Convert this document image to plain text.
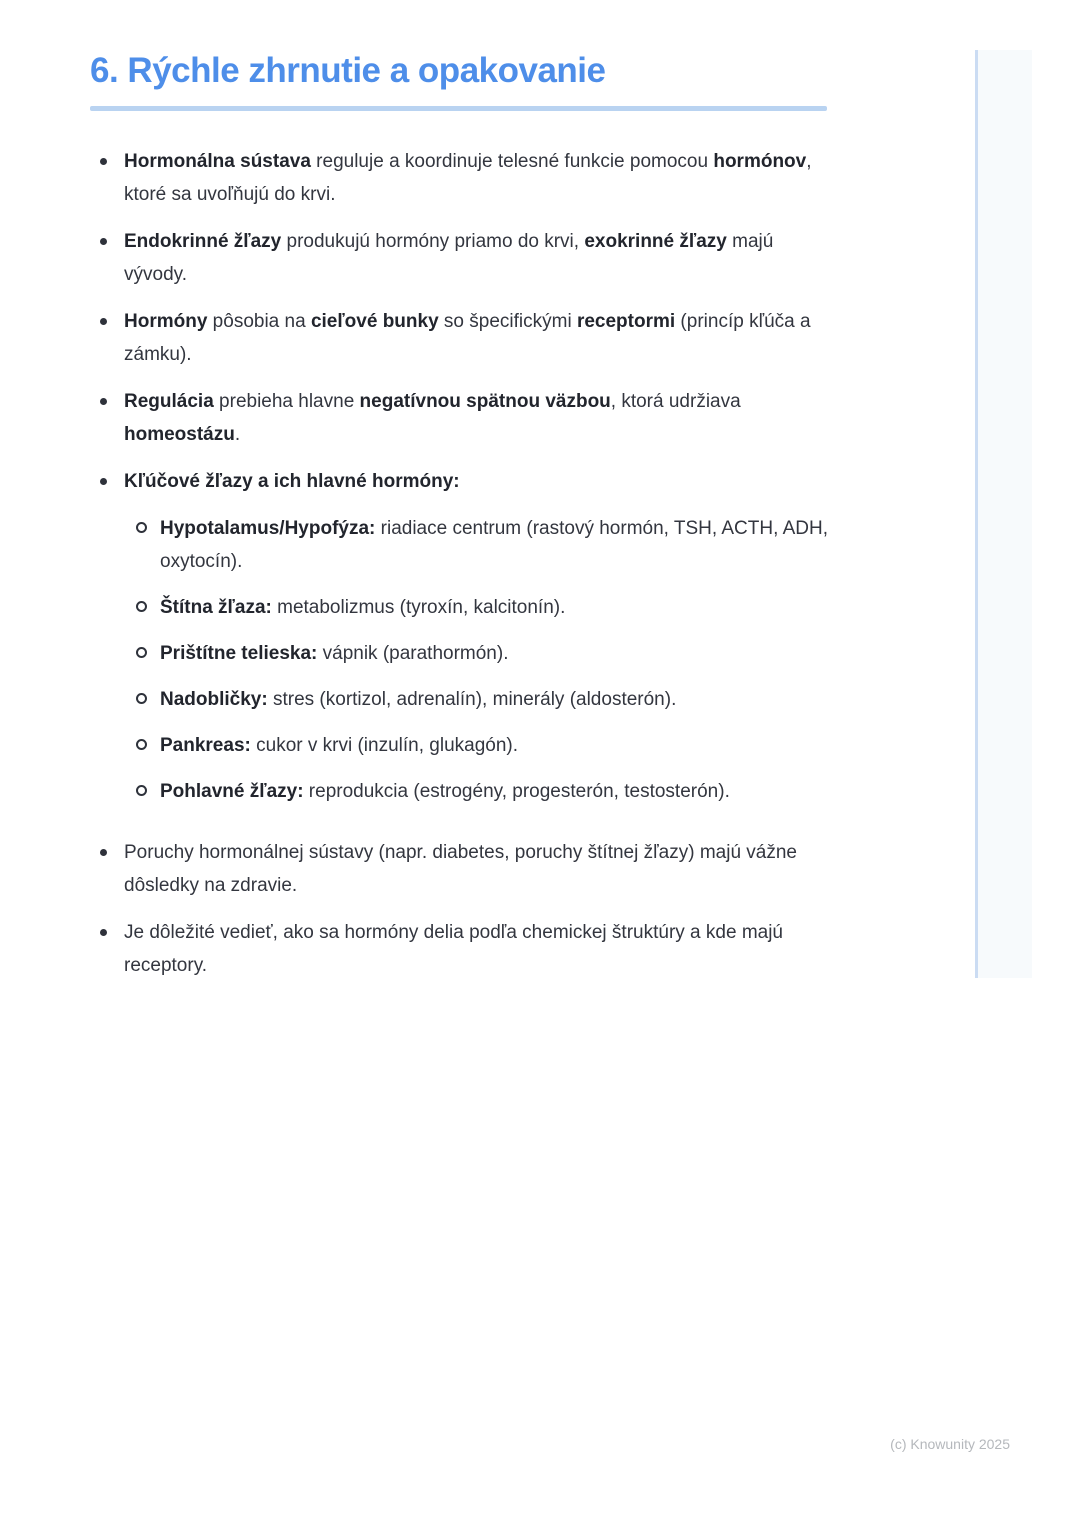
6. Rýchle zhrnutie a opakovanie
Hormonálna sústava reguluje a koordinuje telesné funkcie pomocou hormónov, ktoré sa uvoľňujú do krvi.
Endokrinné žľazy produkujú hormóny priamo do krvi, exokrinné žľazy majú vývody.
Hormóny pôsobia na cieľové bunky so špecifickými receptormi (princíp kľúča a zámku).
Regulácia prebieha hlavne negatívnou spätnou väzbou, ktorá udržiava homeostázu.
Kľúčové žľazy a ich hlavné hormóny:
Hypotalamus/Hypofýza: riadiace centrum (rastový hormón, TSH, ACTH, ADH, oxytocín).
Štítna žľaza: metabolizmus (tyroxín, kalcitonín).
Prištítne telieska: vápnik (parathormón).
Nadobličky: stres (kortizol, adrenalín), minerály (aldosterón).
Pankreas: cukor v krvi (inzulín, glukagón).
Pohlavné žľazy: reprodukcia (estrogény, progesterón, testosterón).
Poruchy hormonálnej sústavy (napr. diabetes, poruchy štítnej žľazy) majú vážne dôsledky na zdravie.
Je dôležité vedieť, ako sa hormóny delia podľa chemickej štruktúry a kde majú receptory.
(c) Knowunity 2025
